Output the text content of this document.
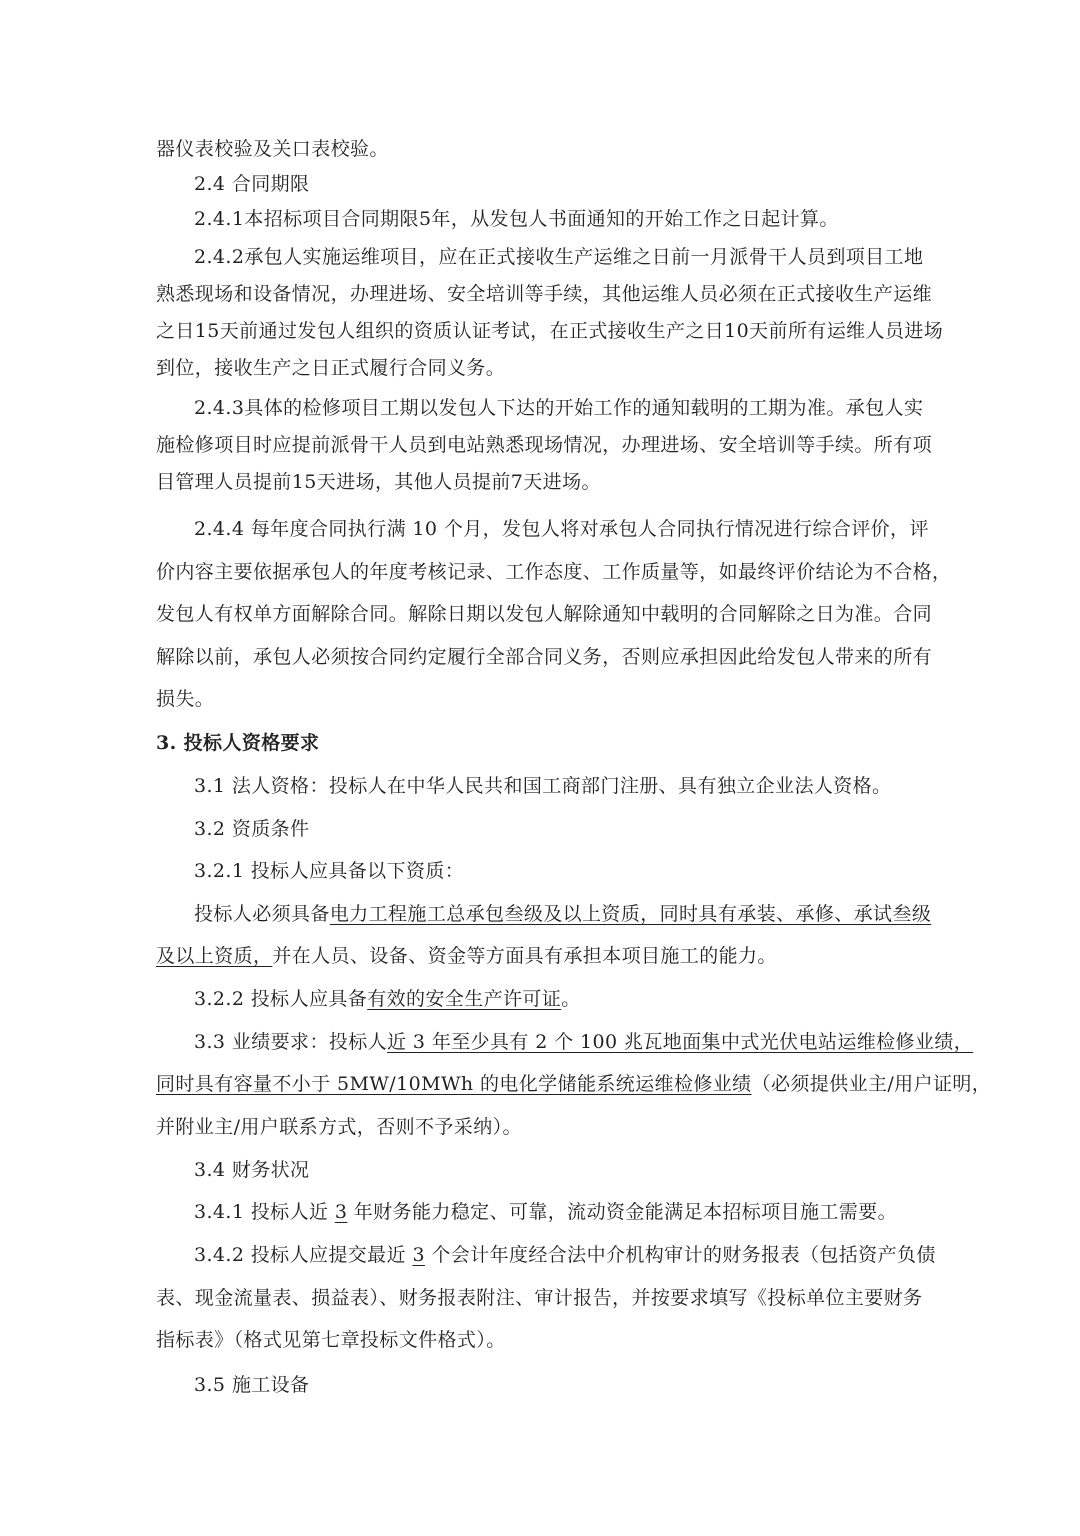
器仪表校验及关口表校验。
2.4 合同期限
2.4.1本招标项目合同期限5年，从发包人书面通知的开始工作之日起计算。
2.4.2承包人实施运维项目，应在正式接收生产运维之日前一月派骨干人员到项目工地
熟悉现场和设备情况，办理进场、安全培训等手续，其他运维人员必须在正式接收生产运维
之日15天前通过发包人组织的资质认证考试，在正式接收生产之日10天前所有运维人员进场
到位，接收生产之日正式履行合同义务。
2.4.3具体的检修项目工期以发包人下达的开始工作的通知载明的工期为准。承包人实
施检修项目时应提前派骨干人员到电站熟悉现场情况，办理进场、安全培训等手续。所有项
目管理人员提前15天进场，其他人员提前7天进场。
2.4.4 每年度合同执行满 10 个月，发包人将对承包人合同执行情况进行综合评价，评
价内容主要依据承包人的年度考核记录、工作态度、工作质量等，如最终评价结论为不合格，
发包人有权单方面解除合同。解除日期以发包人解除通知中载明的合同解除之日为准。合同
解除以前，承包人必须按合同约定履行全部合同义务，否则应承担因此给发包人带来的所有
损失。
3. 投标人资格要求
3.1 法人资格：投标人在中华人民共和国工商部门注册、具有独立企业法人资格。
3.2 资质条件
3.2.1 投标人应具备以下资质：
投标人必须具备电力工程施工总承包叁级及以上资质，同时具有承装、承修、承试叁级
及以上资质，并在人员、设备、资金等方面具有承担本项目施工的能力。
3.2.2 投标人应具备有效的安全生产许可证。
3.3 业绩要求：投标人近 3 年至少具有 2 个 100 兆瓦地面集中式光伏电站运维检修业绩，
同时具有容量不小于 5MW/10MWh 的电化学储能系统运维检修业绩（必须提供业主/用户证明，
并附业主/用户联系方式，否则不予采纳）。
3.4 财务状况
3.4.1 投标人近 3 年财务能力稳定、可靠，流动资金能满足本招标项目施工需要。
3.4.2 投标人应提交最近 3 个会计年度经合法中介机构审计的财务报表（包括资产负债
表、现金流量表、损益表）、财务报表附注、审计报告，并按要求填写《投标单位主要财务
指标表》（格式见第七章投标文件格式）。
3.5 施工设备
